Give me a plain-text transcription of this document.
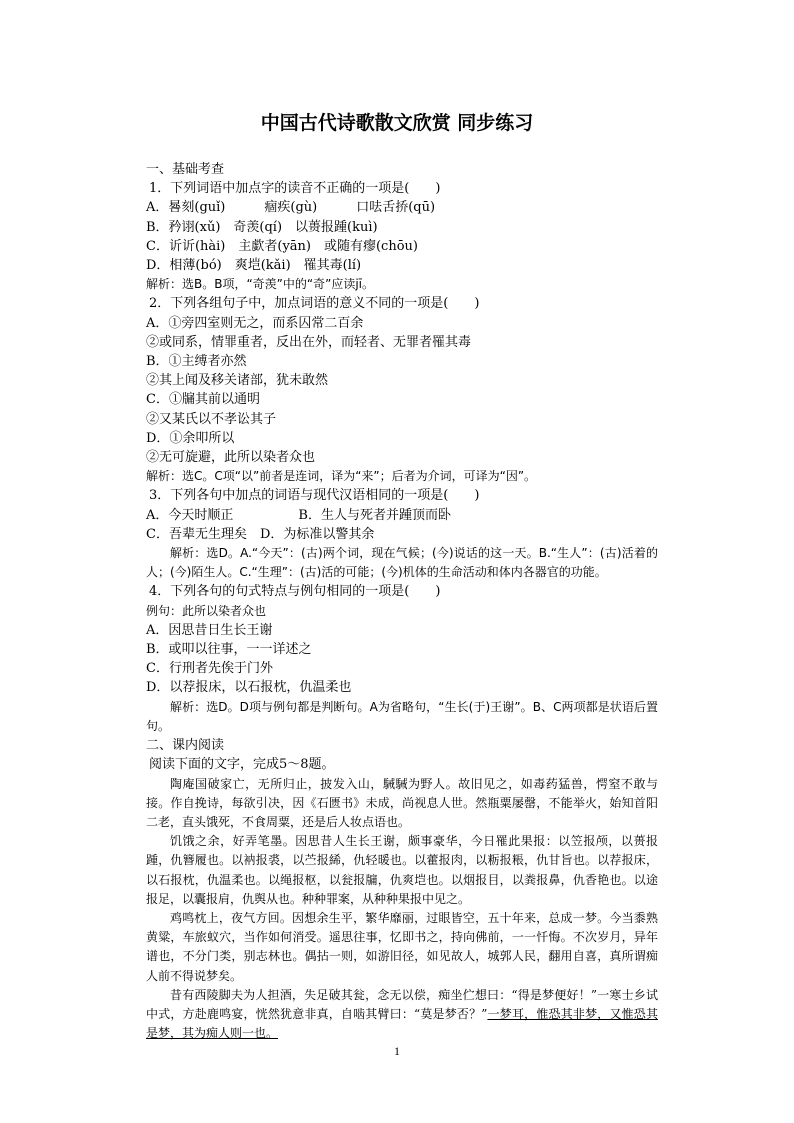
中国古代诗歌散文欣赏 同步练习
一、基础考查
1．下列词语中加点字的读音不正确的一项是(　　)
A．晷刻(guǐ)　　　痼疾(gù)　　　口呿舌挢(qū)
B．矜诩(xǔ)　奇羡(qí)　以蒉报踵(kuì)
C．䜣䜣(hài)　主歔者(yān)　或随有瘳(chōu)
D．相薄(bó)　爽垲(kǎi)　罹其毒(lí)
解析：选B。B项，“奇羡”中的“奇”应读jī。
2．下列各组句子中，加点词语的意义不同的一项是(　　)
A．①旁四室则无之，而系囚常二百余
②或同系，情罪重者，反出在外，而轻者、无罪者罹其毒
B．①主缚者亦然
②其上闻及移关诸部，犹未敢然
C．①牖其前以通明
②又某氏以不孝讼其子
D．①余叩所以
②无可旋避，此所以染者众也
解析：选C。C项“以”前者是连词，译为“来”；后者为介词，可译为“因”。
3．下列各句中加点的词语与现代汉语相同的一项是(　　)
A．今天时顺正　　　　　B．生人与死者并踵顶而卧
C．吾辈无生理矣　D．为标准以警其余
解析：选D。A.“今天”：(古)两个词，现在气候；(今)说话的这一天。B.“生人”：(古)活着的人；(今)陌生人。C.“生理”：(古)活的可能；(今)机体的生命活动和体内各器官的功能。
4．下列各句的句式特点与例句相同的一项是(　　)
例句：此所以染者众也
A．因思昔日生长王谢
B．或叩以往事，一一详述之
C．行刑者先俟于门外
D．以荐报床，以石报枕，仇温柔也
解析：选D。D项与例句都是判断句。A为省略句，“生长(于)王谢”。B、C两项都是状语后置句。
二、课内阅读
阅读下面的文字，完成5～8题。
陶庵国破家亡，无所归止，披发入山，駴駴为野人。故旧见之，如毒药猛兽，愕窒不敢与接。作自挽诗，每欲引决，因《石匮书》未成，尚视息人世。然瓶粟屡罄，不能举火，始知首阳二老，直头饿死，不食周粟，还是后人妆点语也。
饥饿之余，好弄笔墨。因思昔人生长王谢，颇事豪华，今日罹此果报：以笠报颅，以蒉报踵，仇簪履也。以衲报裘，以苎报絺，仇轻暖也。以藿报肉，以粝报粻，仇甘旨也。以荐报床，以石报枕，仇温柔也。以绳报枢，以瓮报牖，仇爽垲也。以烟报目，以粪报鼻，仇香艳也。以途报足，以囊报肩，仇舆从也。种种罪案，从种种果报中见之。
鸡鸣枕上，夜气方回。因想余生平，繁华靡丽，过眼皆空，五十年来，总成一梦。今当黍熟黄粱，车旅蚁穴，当作如何消受。遥思往事，忆即书之，持向佛前，一一忏悔。不次岁月，异年谱也，不分门类，别志林也。偶拈一则，如游旧径，如见故人，城郭人民，翻用自喜，真所谓痴人前不得说梦矣。
昔有西陵脚夫为人担酒，失足破其瓮，念无以偿，痴坐伫想曰：“得是梦便好！”一寒士乡试中式，方赴鹿鸣宴，恍然犹意非真，自啮其臂曰：“莫是梦否？”一梦耳，惟恐其非梦，又惟恐其是梦，其为痴人则一也。
1
